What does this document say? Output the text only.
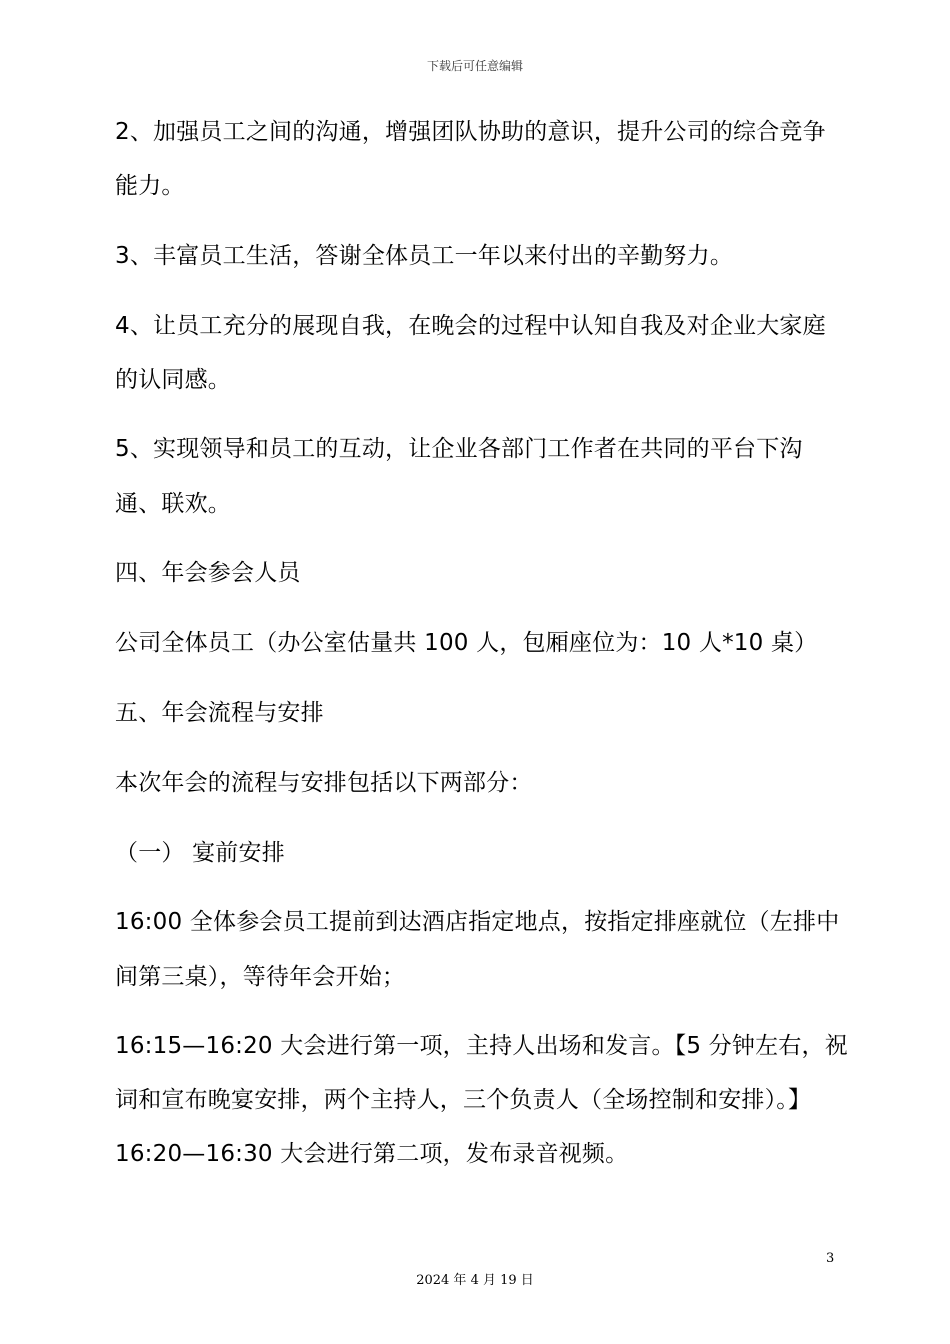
下载后可任意编辑
2、加强员工之间的沟通，增强团队协助的意识，提升公司的综合竞争
能力。
3、丰富员工生活，答谢全体员工一年以来付出的辛勤努力。
4、让员工充分的展现自我，在晚会的过程中认知自我及对企业大家庭
的认同感。
5、实现领导和员工的互动，让企业各部门工作者在共同的平台下沟
通、联欢。
四、年会参会人员
公司全体员工（办公室估量共 100 人，包厢座位为：10 人*10 桌）
五、年会流程与安排
本次年会的流程与安排包括以下两部分：
（一） 宴前安排
16:00 全体参会员工提前到达酒店指定地点，按指定排座就位（左排中
间第三桌），等待年会开始；
16:15—16:20 大会进行第一项，主持人出场和发言。【5 分钟左右，祝
词和宣布晚宴安排，两个主持人，三个负责人（全场控制和安排）。】
16:20—16:30 大会进行第二项，发布录音视频。
3
2024 年 4 月 19 日
